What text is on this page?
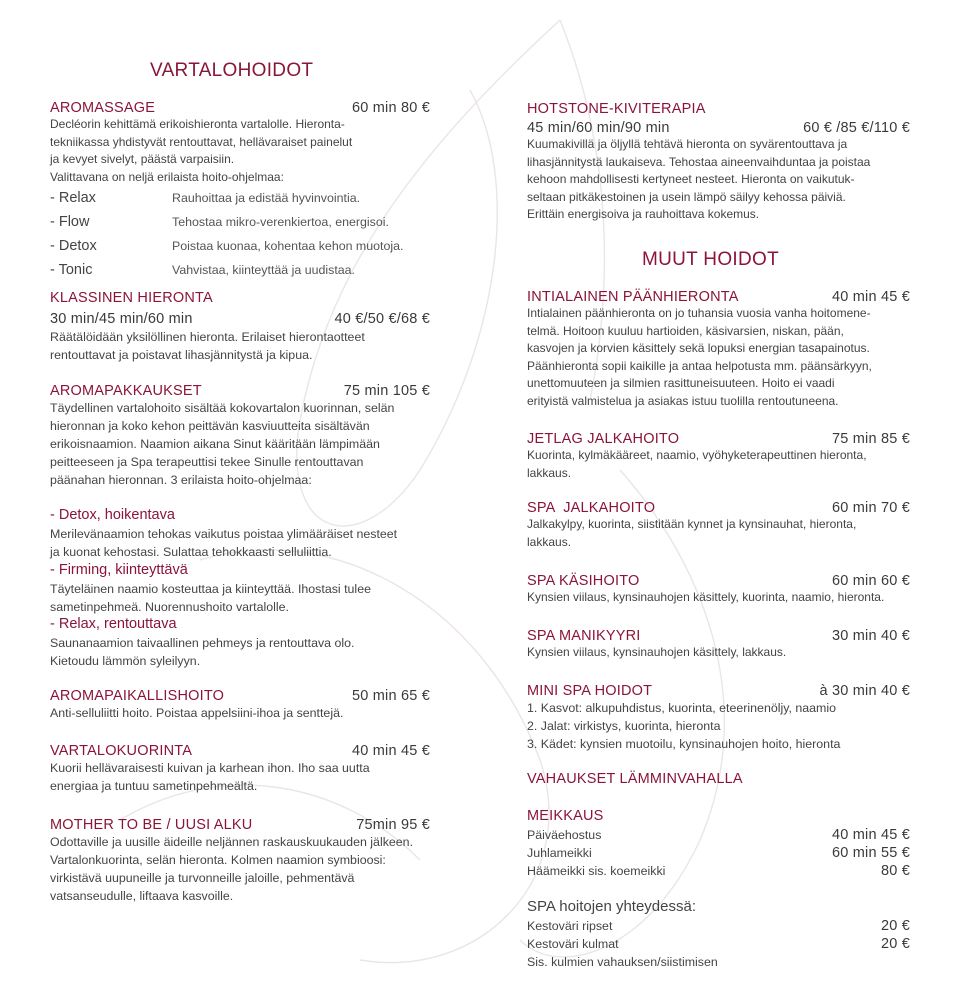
VARTALOHOIDOT
AROMASSAGE	60 min 80 €
Decléorin kehittämä erikoishieronta vartalolle. Hieronta-
tekniikassa yhdistyvät rentouttavat, hellävaraiset painelut
ja kevyet sivelyt, päästä varpaisiin.
Valittavana on neljä erilaista hoito-ohjelmaa:
- Relax	Rauhoittaa ja edistää hyvinvointia.
- Flow	Tehostaa mikro-verenkiertoa, energisoi.
- Detox	Poistaa kuonaa, kohentaa kehon muotoja.
- Tonic	Vahvistaa, kiinteyttää ja uudistaa.
KLASSINEN HIERONTA
30 min/45 min/60 min	40 €/50 €/68 €
Räätälöidään yksilöllinen hieronta. Erilaiset hierontaotteet
rentouttavat ja poistavat lihasjännitystä ja kipua.
AROMAPAKKAUKSET	75 min 105 €
Täydellinen vartalohoito sisältää kokovartalon kuorinnan, selän
hieronnan ja koko kehon peittävän kasviuutteita sisältävän
erikoisnaamion. Naamion aikana Sinut kääritään lämpimään
peitteeseen ja Spa terapeuttisi tekee Sinulle rentouttavan
päänahan hieronnan. 3 erilaista hoito-ohjelmaa:
- Detox, hoikentava
Merilevänaamion tehokas vaikutus poistaa ylimääräiset nesteet
ja kuonat kehostasi. Sulattaa tehokkaasti selluliittia.
- Firming, kiinteyttävä
Täyteläinen naamio kosteuttaa ja kiinteyttää. Ihostasi tulee
sametinpehmeä. Nuorennushoito vartalolle.
- Relax, rentouttava
Saunanaamion taivaallinen pehmeys ja rentouttava olo.
Kietoudu lämmön syleilyyn.
AROMAPAIKALLISHOITO	50 min 65 €
Anti-selluliitti hoito. Poistaa appelsiini-ihoa ja senttejä.
VARTALOKUORINTA	40 min 45 €
Kuorii hellävaraisesti kuivan ja karhean ihon. Iho saa uutta
energiaa ja tuntuu sametinpehmeältä.
MOTHER TO BE / UUSI ALKU	75min 95 €
Odottaville ja uusille äideille neljännen raskauskuukauden jälkeen.
Vartalonkuorinta, selän hieronta. Kolmen naamion symbioosi:
virkistävä uupuneille ja turvonneille jaloille, pehmentävä
vatsanseudulle, liftaava kasvoille.
HOTSTONE-KIVITERAPIA
45 min/60 min/90 min	60 € /85 €/110 €
Kuumakivillä ja öljyllä tehtävä hieronta on syvärentouttava ja
lihasjännitystä laukaiseva. Tehostaa aineenvaihduntaa ja poistaa
kehoon mahdollisesti kertyneet nesteet. Hieronta on vaikutuk-
seltaan pitkäkestoinen ja usein lämpö säilyy kehossa päiviä.
Erittäin energisoiva ja rauhoittava kokemus.
MUUT HOIDOT
INTIALAINEN PÄÄNHIERONTA	40 min 45 €
Intialainen päänhieronta on jo tuhansia vuosia vanha hoitomene-
telmä. Hoitoon kuuluu hartioiden, käsivarsien, niskan, pään,
kasvojen ja korvien käsittely sekä lopuksi energian tasapainotus.
Päänhieronta sopii kaikille ja antaa helpotusta mm. päänsärkyyn,
unettomuuteen ja silmien rasittuneisuuteen. Hoito ei vaadi
erityistä valmistelua ja asiakas istuu tuolilla rentoutuneena.
JETLAG JALKAHOITO	75 min 85 €
Kuorinta, kylmäkääreet, naamio, vyöhyketerapeuttinen hieronta,
lakkaus.
SPA  JALKAHOITO	60 min 70 €
Jalkakylpy, kuorinta, siistitään kynnet ja kynsinauhat, hieronta,
lakkaus.
SPA KÄSIHOITO	60 min 60 €
Kynsien viilaus, kynsinauhojen käsittely, kuorinta, naamio, hieronta.
SPA MANIKYYRI	30 min 40 €
Kynsien viilaus, kynsinauhojen käsittely, lakkaus.
MINI SPA HOIDOT	à 30 min 40 €
1. Kasvot: alkupuhdistus, kuorinta, eteerinenöljy, naamio
2. Jalat: virkistys, kuorinta, hieronta
3. Kädet: kynsien muotoilu, kynsinauhojen hoito, hieronta
VAHAUKSET LÄMMINVAHALLA
MEIKKAUS
Päiväehostus	40 min 45 €
Juhlameikki	60 min 55 €
Häämeikki sis. koemeikki	80 €
SPA hoitojen yhteydessä:
Kestoväri ripset	20 €
Kestoväri kulmat	20 €
Sis. kulmien vahauksen/siistimisen
